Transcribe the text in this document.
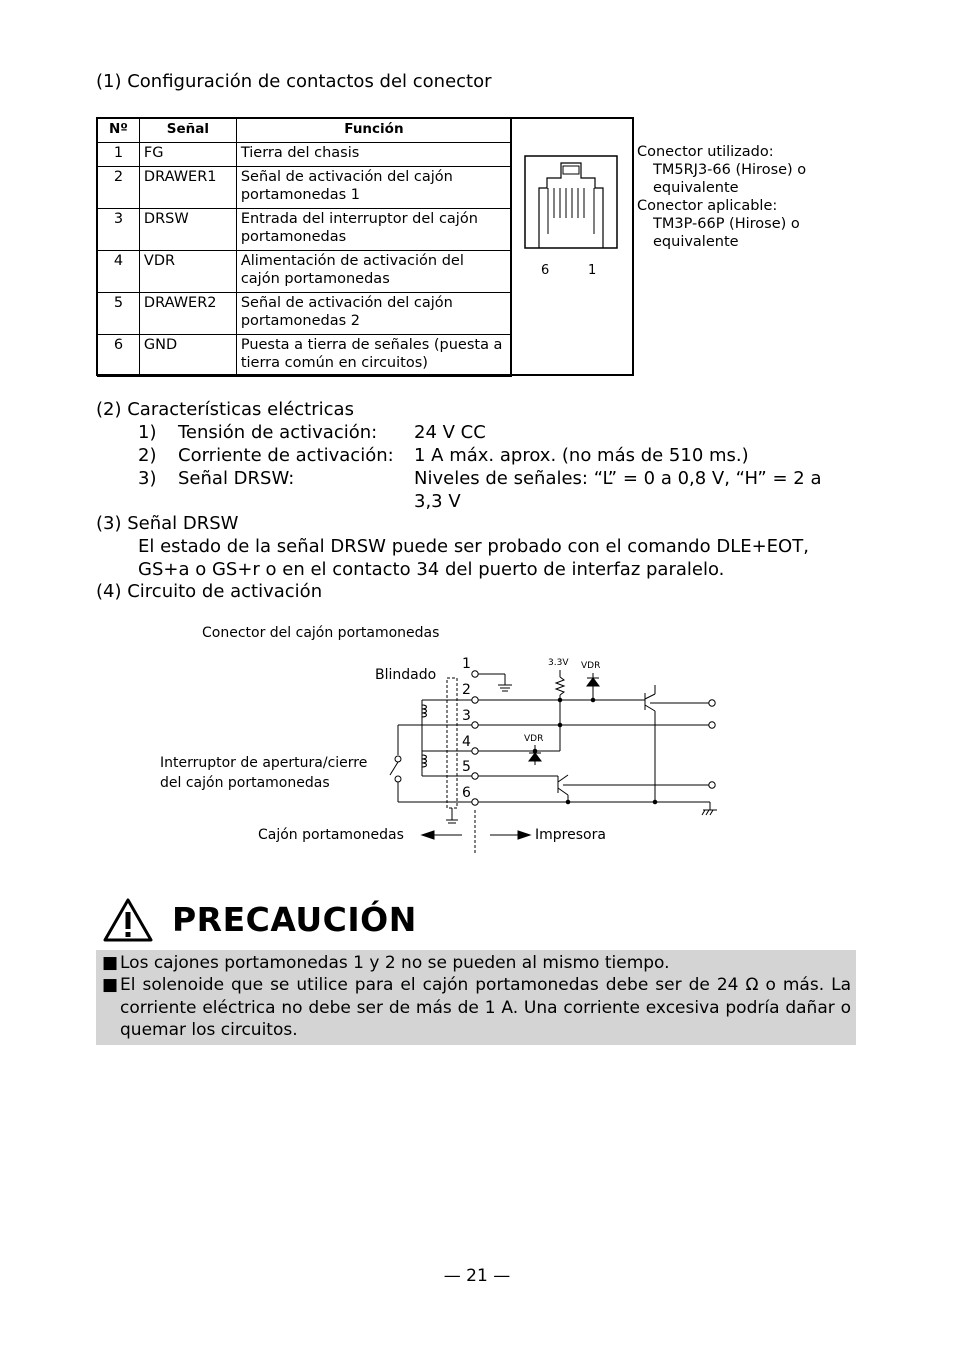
(1) Configuración de contactos del conector
Nº	Señal	Función
1	FG	Tierra del chasis
2	DRAWER1	Señal de activación del cajón
portamonedas 1
3	DRSW	Entrada del interruptor del cajón
portamonedas
4	VDR	Alimentación de activación del
cajón portamonedas
5	DRAWER2	Señal de activación del cajón
portamonedas 2
6	GND	Puesta a tierra de señales (puesta a
tierra común en circuitos)
6	1
Conector utilizado:
TM5RJ3-66 (Hirose) o
equivalente
Conector aplicable:
TM3P-66P (Hirose) o
equivalente
(2) Características eléctricas
1) Tensión de activación: 24 V CC
2) Corriente de activación: 1 A máx. aprox. (no más de 510 ms.)
3) Señal DRSW:	Niveles de señales: “L” = 0 a 0,8 V, “H” = 2 a
3,3 V
(3) Señal DRSW
El estado de la señal DRSW puede ser probado con el comando DLE+EOT,
GS+a o GS+r o en el contacto 34 del puerto de interfaz paralelo.
(4) Circuito de activación
Conector del cajón portamonedas
Blindado
Interruptor de apertura/cierre
del cajón portamonedas
Cajón portamonedas	Impresora
3.3V VDR
VDR
1
2
3
4
5
6
PRECAUCIÓN
■ Los cajones portamonedas 1 y 2 no se pueden al mismo tiempo.
■ El solenoide que se utilice para el cajón portamonedas debe ser de 24 Ω o más. La
corriente eléctrica no debe ser de más de 1 A. Una corriente excesiva podría dañar o
quemar los circuitos.
— 21 —
